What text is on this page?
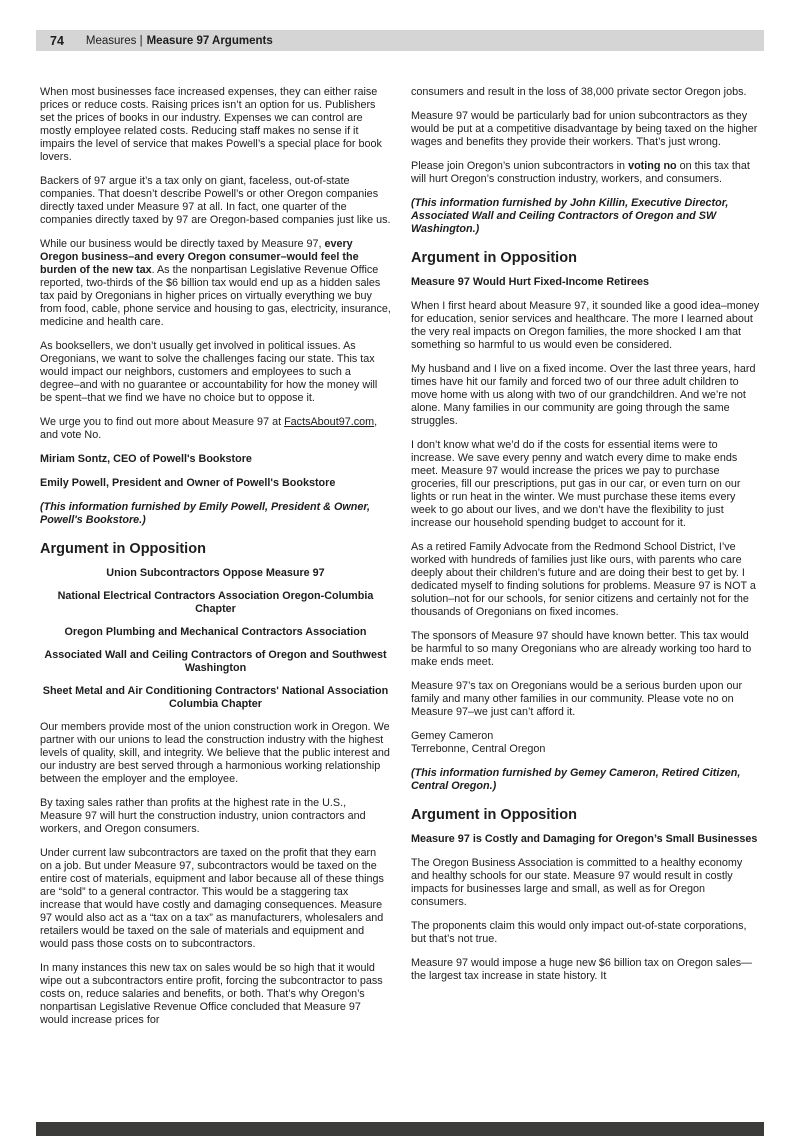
74 Measures | Measure 97 Arguments

When most businesses face increased expenses, they can either raise prices or reduce costs. Raising prices isn’t an option for us. Publishers set the prices of books in our industry. Expenses we can control are mostly employee related costs. Reducing staff makes no sense if it impairs the level of service that makes Powell’s a special place for book lovers.

Backers of 97 argue it’s a tax only on giant, faceless, out-of-state companies. That doesn’t describe Powell’s or other Oregon companies directly taxed under Measure 97 at all. In fact, one quarter of the companies directly taxed by 97 are Oregon-based companies just like us.

While our business would be directly taxed by Measure 97, every Oregon business–and every Oregon consumer–would feel the burden of the new tax. As the nonpartisan Legislative Revenue Office reported, two-thirds of the $6 billion tax would end up as a hidden sales tax paid by Oregonians in higher prices on virtually everything we buy from food, cable, phone service and housing to gas, electricity, insurance, medicine and health care.

As booksellers, we don’t usually get involved in political issues. As Oregonians, we want to solve the challenges facing our state. This tax would impact our neighbors, customers and employees to such a degree–and with no guarantee or accountability for how the money will be spent–that we find we have no choice but to oppose it.

We urge you to find out more about Measure 97 at FactsAbout97.com, and vote No.

Miriam Sontz, CEO of Powell's Bookstore

Emily Powell, President and Owner of Powell's Bookstore

(This information furnished by Emily Powell, President & Owner, Powell's Bookstore.)

Argument in Opposition
Union Subcontractors Oppose Measure 97
National Electrical Contractors Association Oregon-Columbia Chapter
Oregon Plumbing and Mechanical Contractors Association
Associated Wall and Ceiling Contractors of Oregon and Southwest Washington
Sheet Metal and Air Conditioning Contractors' National Association Columbia Chapter

Our members provide most of the union construction work in Oregon. We partner with our unions to lead the construction industry with the highest levels of quality, skill, and integrity. We believe that the public interest and our industry are best served through a harmonious working relationship between the employer and the employee.

By taxing sales rather than profits at the highest rate in the U.S., Measure 97 will hurt the construction industry, union contractors and workers, and Oregon consumers.

Under current law subcontractors are taxed on the profit that they earn on a job. But under Measure 97, subcontractors would be taxed on the entire cost of materials, equipment and labor because all of these things are “sold” to a general contractor. This would be a staggering tax increase that would have costly and damaging consequences. Measure 97 would also act as a “tax on a tax” as manufacturers, wholesalers and retailers would be taxed on the sale of materials and equipment and would pass those costs on to subcontractors.

In many instances this new tax on sales would be so high that it would wipe out a subcontractors entire profit, forcing the subcontractor to pass costs on, reduce salaries and benefits, or both. That’s why Oregon’s nonpartisan Legislative Revenue Office concluded that Measure 97 would increase prices for

consumers and result in the loss of 38,000 private sector Oregon jobs.

Measure 97 would be particularly bad for union subcontractors as they would be put at a competitive disadvantage by being taxed on the higher wages and benefits they provide their workers. That’s just wrong.

Please join Oregon’s union subcontractors in voting no on this tax that will hurt Oregon’s construction industry, workers, and consumers.

(This information furnished by John Killin, Executive Director, Associated Wall and Ceiling Contractors of Oregon and SW Washington.)

Argument in Opposition
Measure 97 Would Hurt Fixed-Income Retirees

When I first heard about Measure 97, it sounded like a good idea–money for education, senior services and healthcare. The more I learned about the very real impacts on Oregon families, the more shocked I am that something so harmful to us would even be considered.

My husband and I live on a fixed income. Over the last three years, hard times have hit our family and forced two of our three adult children to move home with us along with two of our grandchildren. And we’re not alone. Many families in our community are going through the same struggles.

I don’t know what we’d do if the costs for essential items were to increase. We save every penny and watch every dime to make ends meet. Measure 97 would increase the prices we pay to purchase groceries, fill our prescriptions, put gas in our car, or even turn on our lights or run heat in the winter. We must purchase these items every week to go about our lives, and we don’t have the flexibility to just increase our household spending budget to account for it.

As a retired Family Advocate from the Redmond School District, I’ve worked with hundreds of families just like ours, with parents who care deeply about their children’s future and are doing their best to get by. I dedicated myself to finding solutions for problems. Measure 97 is NOT a solution–not for our schools, for senior citizens and certainly not for the thousands of Oregonians on fixed incomes.

The sponsors of Measure 97 should have known better. This tax would be harmful to so many Oregonians who are already working too hard to make ends meet.

Measure 97’s tax on Oregonians would be a serious burden upon our family and many other families in our community. Please vote no on Measure 97–we just can’t afford it.

Gemey Cameron
Terrebonne, Central Oregon

(This information furnished by Gemey Cameron, Retired Citizen, Central Oregon.)

Argument in Opposition
Measure 97 is Costly and Damaging for Oregon’s Small Businesses

The Oregon Business Association is committed to a healthy economy and healthy schools for our state. Measure 97 would result in costly impacts for businesses large and small, as well as for Oregon consumers.

The proponents claim this would only impact out-of-state corporations, but that’s not true.

Measure 97 would impose a huge new $6 billion tax on Oregon sales—the largest tax increase in state history. It
